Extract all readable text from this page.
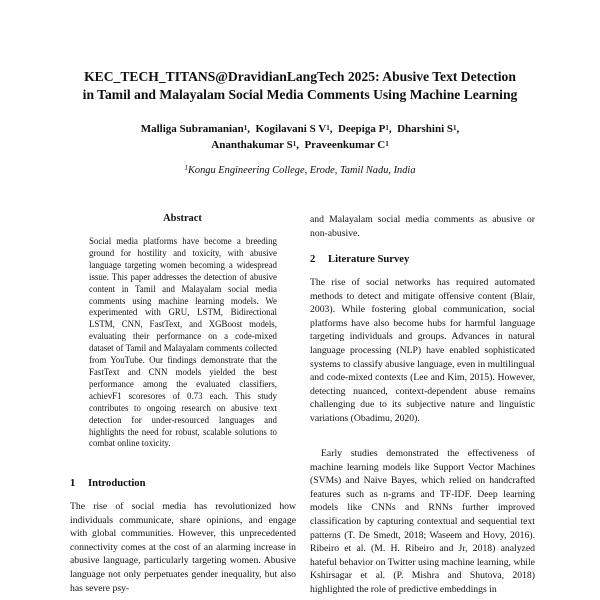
KEC_TECH_TITANS@DravidianLangTech 2025: Abusive Text Detection
in Tamil and Malayalam Social Media Comments Using Machine Learning
Malliga Subramanian$^1$,  Kogilavani S $V^1$,  Deepiga $P^1$,  Dharshini $S^1$,
Ananthakumar $S^1$,  Praveenkumar $C^1$
$^1$Kongu Engineering College, Erode, Tamil Nadu, India
Abstract
Social media platforms have become a breeding ground for hostility and toxicity, with abusive language targeting women becoming a widespread issue. This paper addresses the detection of abusive content in Tamil and Malayalam social media comments using machine learning models. We experimented with GRU, LSTM, Bidirectional LSTM, CNN, FastText, and XGBoost models, evaluating their performance on a code-mixed dataset of Tamil and Malayalam comments collected from YouTube. Our findings demonstrate that the FastText and CNN models yielded the best performance among the evaluated classifiers, achievF1 scoresores of 0.73 each. This study contributes to ongoing research on abusive text detection for under-resourced languages and highlights the need for robust, scalable solutions to combat online toxicity.
1 Introduction
The rise of social media has revolutionized how individuals communicate, share opinions, and engage with global communities. However, this unprecedented connectivity comes at the cost of an alarming increase in abusive language, particularly targeting women. Abusive language not only perpetuates gender inequality, but also has severe psy-
and Malayalam social media comments as abusive or non-abusive.
2 Literature Survey
The rise of social networks has required automated methods to detect and mitigate offensive content (Blair, 2003). While fostering global communication, social platforms have also become hubs for harmful language targeting individuals and groups. Advances in natural language processing (NLP) have enabled sophisticated systems to classify abusive language, even in multilingual and code-mixed contexts (Lee and Kim, 2015). However, detecting nuanced, context-dependent abuse remains challenging due to its subjective nature and linguistic variations (Obadimu, 2020).
Early studies demonstrated the effectiveness of machine learning models like Support Vector Machines (SVMs) and Naive Bayes, which relied on handcrafted features such as n-grams and TF-IDF. Deep learning models like CNNs and RNNs further improved classification by capturing contextual and sequential text patterns (T. De Smedt, 2018; Waseem and Hovy, 2016). Ribeiro et al. (M. H. Ribeiro and Jr, 2018) analyzed hateful behavior on Twitter using machine learning, while Kshirsagar et al. (P. Mishra and Shutova, 2018) highlighted the role of predictive embeddings in
